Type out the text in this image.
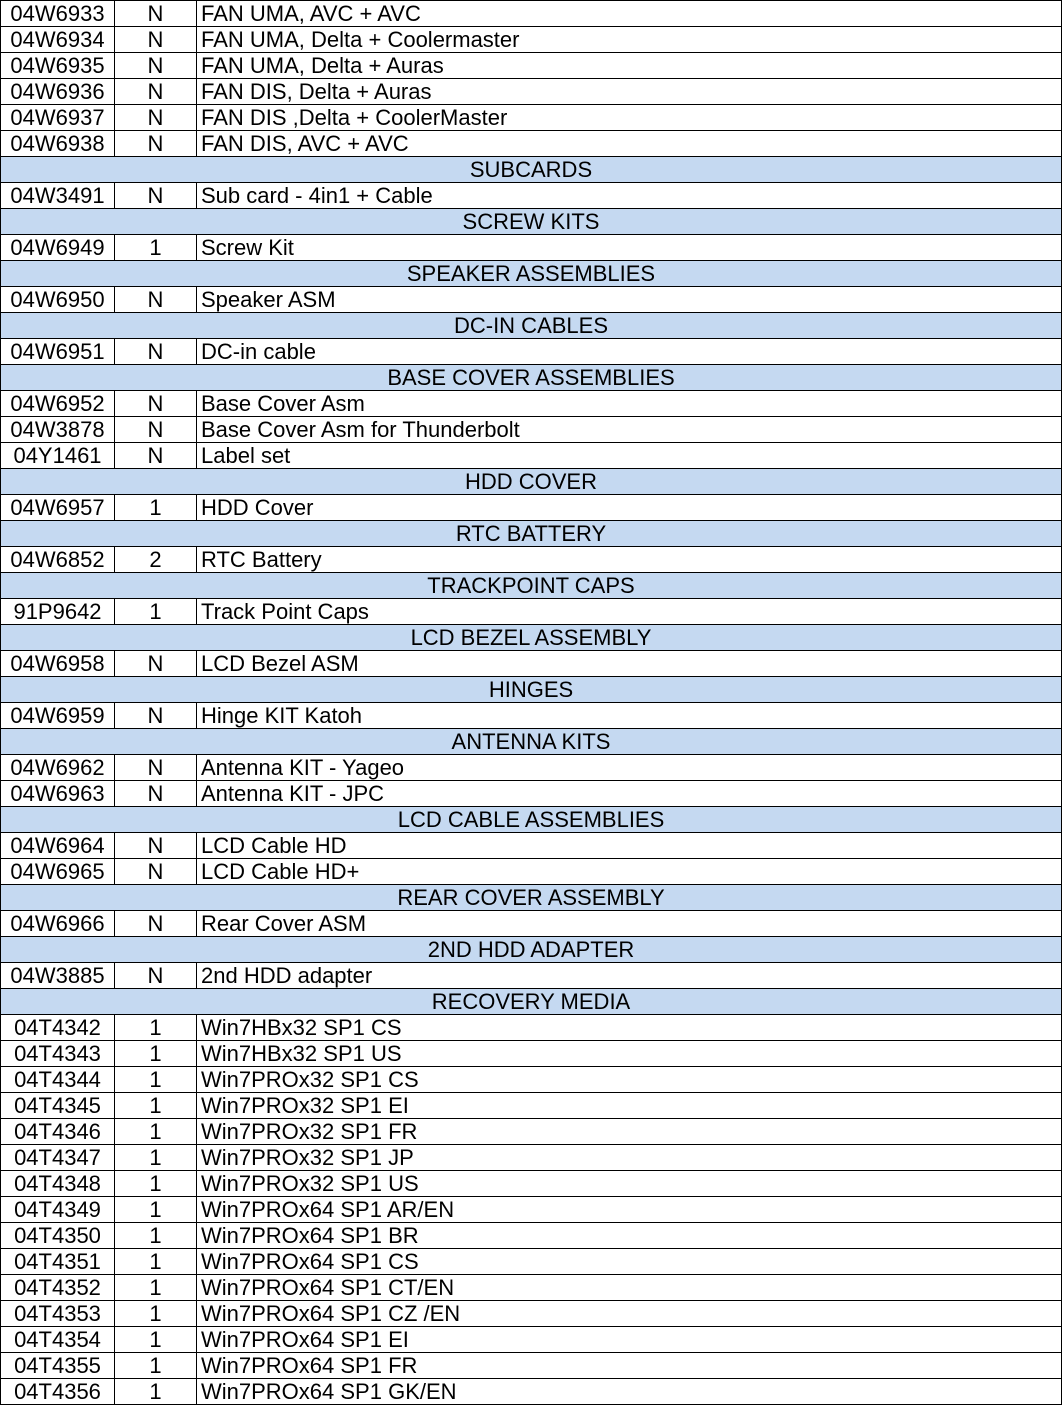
04W6933	N	FAN UMA, AVC + AVC
04W6934	N	FAN UMA, Delta + Coolermaster
04W6935	N	FAN UMA, Delta + Auras
04W6936	N	FAN DIS, Delta + Auras
04W6937	N	FAN DIS ,Delta + CoolerMaster
04W6938	N	FAN DIS, AVC + AVC
SUBCARDS		
04W3491	N	Sub card - 4in1 + Cable
SCREW KITS		
04W6949	1	Screw Kit
SPEAKER ASSEMBLIES		
04W6950	N	Speaker ASM
DC-IN CABLES		
04W6951	N	DC-in cable
BASE COVER ASSEMBLIES		
04W6952	N	Base Cover Asm
04W3878	N	Base Cover Asm for Thunderbolt
04Y1461	N	Label set
HDD COVER		
04W6957	1	HDD Cover
RTC BATTERY		
04W6852	2	RTC Battery
TRACKPOINT CAPS		
91P9642	1	Track Point Caps
LCD BEZEL ASSEMBLY		
04W6958	N	LCD Bezel ASM
HINGES		
04W6959	N	Hinge KIT Katoh
ANTENNA KITS		
04W6962	N	Antenna KIT - Yageo
04W6963	N	Antenna KIT - JPC
LCD CABLE ASSEMBLIES		
04W6964	N	LCD Cable HD
04W6965	N	LCD Cable HD+
REAR COVER ASSEMBLY		
04W6966	N	Rear Cover ASM
2ND HDD ADAPTER		
04W3885	N	2nd HDD adapter
RECOVERY MEDIA		
04T4342	1	Win7HBx32 SP1 CS
04T4343	1	Win7HBx32 SP1 US
04T4344	1	Win7PROx32 SP1 CS
04T4345	1	Win7PROx32 SP1 EI
04T4346	1	Win7PROx32 SP1 FR
04T4347	1	Win7PROx32 SP1 JP
04T4348	1	Win7PROx32 SP1 US
04T4349	1	Win7PROx64 SP1 AR/EN
04T4350	1	Win7PROx64 SP1 BR
04T4351	1	Win7PROx64 SP1 CS
04T4352	1	Win7PROx64 SP1 CT/EN
04T4353	1	Win7PROx64 SP1 CZ /EN
04T4354	1	Win7PROx64 SP1 EI
04T4355	1	Win7PROx64 SP1 FR
04T4356	1	Win7PROx64 SP1 GK/EN
